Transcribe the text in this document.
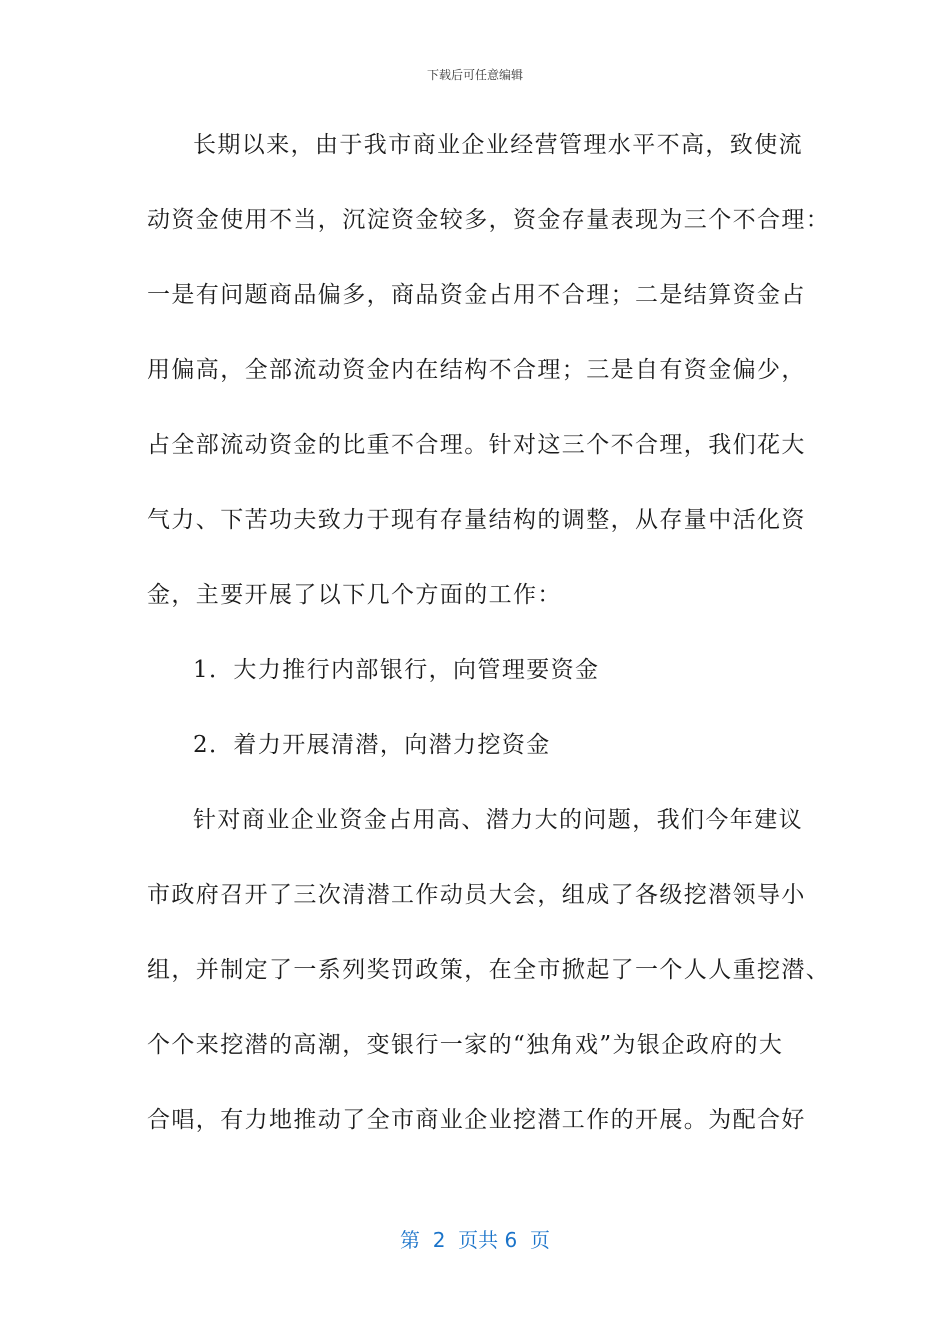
下载后可任意编辑
长期以来，由于我市商业企业经营管理水平不高，致使流
动资金使用不当，沉淀资金较多，资金存量表现为三个不合理：
一是有问题商品偏多，商品资金占用不合理；二是结算资金占
用偏高，全部流动资金内在结构不合理；三是自有资金偏少，
占全部流动资金的比重不合理。针对这三个不合理，我们花大
气力、下苦功夫致力于现有存量结构的调整，从存量中活化资
金，主要开展了以下几个方面的工作：
1．大力推行内部银行，向管理要资金
2．着力开展清潜，向潜力挖资金
针对商业企业资金占用高、潜力大的问题，我们今年建议
市政府召开了三次清潜工作动员大会，组成了各级挖潜领导小
组，并制定了一系列奖罚政策，在全市掀起了一个人人重挖潜、
个个来挖潜的高潮，变银行一家的“独角戏”为银企政府的大
合唱，有力地推动了全市商业企业挖潜工作的开展。为配合好
第  2  页共 6  页
